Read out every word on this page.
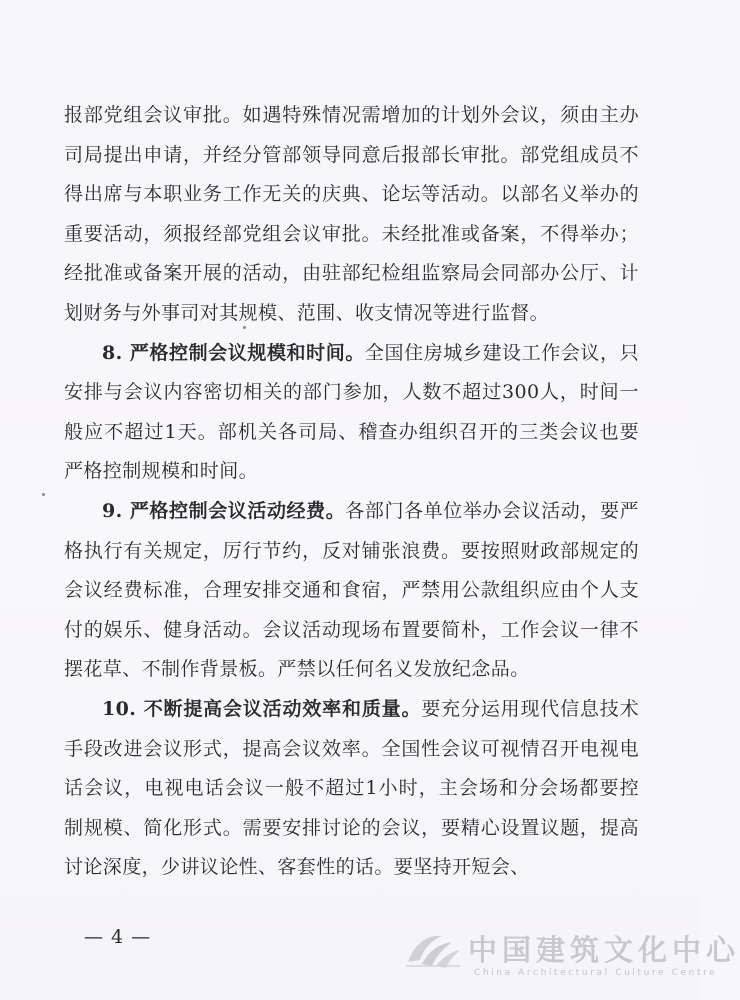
报部党组会议审批。如遇特殊情况需增加的计划外会议，须由主办司局提出申请，并经分管部领导同意后报部长审批。部党组成员不得出席与本职业务工作无关的庆典、论坛等活动。以部名义举办的重要活动，须报经部党组会议审批。未经批准或备案，不得举办；经批准或备案开展的活动，由驻部纪检组监察局会同部办公厅、计划财务与外事司对其规模、范围、收支情况等进行监督。

8. 严格控制会议规模和时间。全国住房城乡建设工作会议，只安排与会议内容密切相关的部门参加，人数不超过300人，时间一般应不超过1天。部机关各司局、稽查办组织召开的三类会议也要严格控制规模和时间。

9. 严格控制会议活动经费。各部门各单位举办会议活动，要严格执行有关规定，厉行节约，反对铺张浪费。要按照财政部规定的会议经费标准，合理安排交通和食宿，严禁用公款组织应由个人支付的娱乐、健身活动。会议活动现场布置要简朴，工作会议一律不摆花草、不制作背景板。严禁以任何名义发放纪念品。

10. 不断提高会议活动效率和质量。要充分运用现代信息技术手段改进会议形式，提高会议效率。全国性会议可视情召开电视电话会议，电视电话会议一般不超过1小时，主会场和分会场都要控制规模、简化形式。需要安排讨论的会议，要精心设置议题，提高讨论深度，少讲议论性、客套性的话。要坚持开短会、

— 4 —	中国建筑文化中心
China Architectural Culture Centre
